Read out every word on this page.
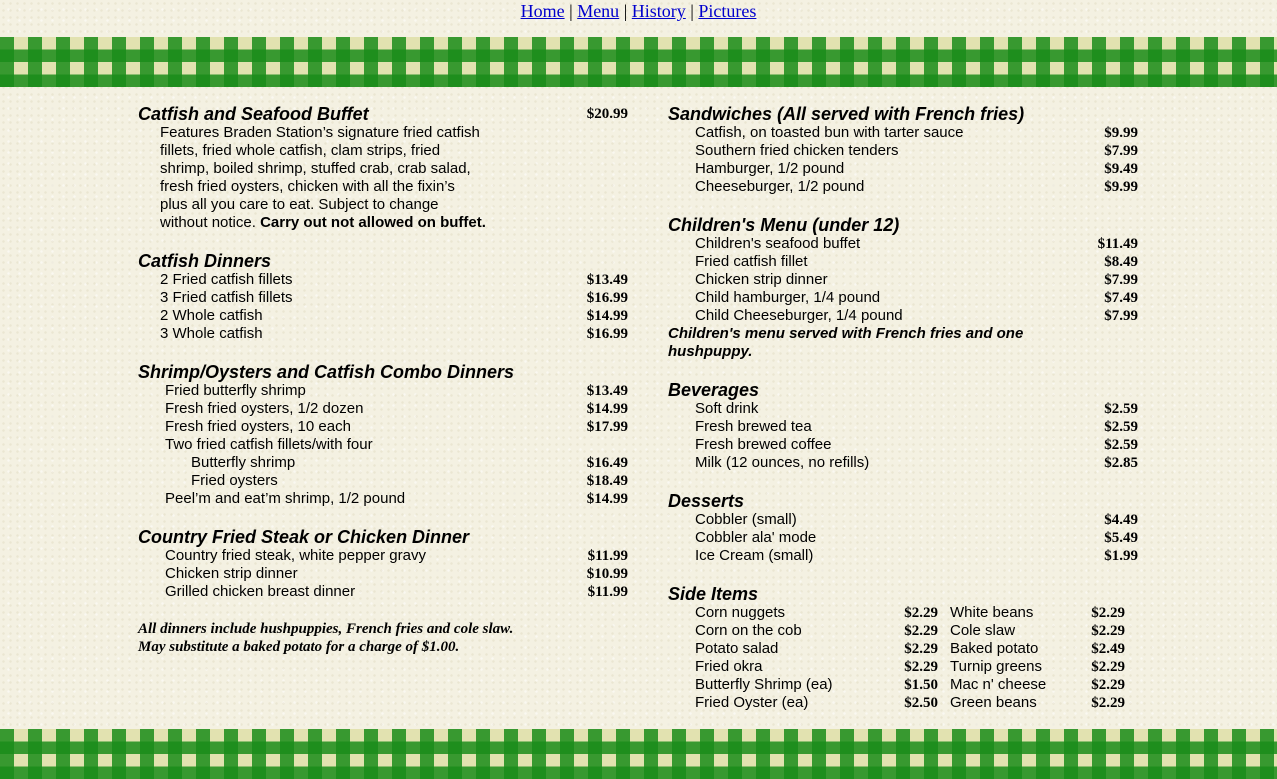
Home | Menu | History | Pictures
Catfish and Seafood Buffet	$20.99
Features Braden Station’s signature fried catfish
fillets, fried whole catfish, clam strips, fried
shrimp, boiled shrimp, stuffed crab, crab salad,
fresh fried oysters, chicken with all the fixin’s
plus all you care to eat. Subject to change
without notice. Carry out not allowed on buffet.
Catfish Dinners
2 Fried catfish fillets	$13.49
3 Fried catfish fillets	$16.99
2 Whole catfish	$14.99
3 Whole catfish	$16.99
Shrimp/Oysters and Catfish Combo Dinners
Fried butterfly shrimp	$13.49
Fresh fried oysters, 1/2 dozen	$14.99
Fresh fried oysters, 10 each	$17.99
Two fried catfish fillets/with four
Butterfly shrimp	$16.49
Fried oysters	$18.49
Peel’m and eat’m shrimp, 1/2 pound	$14.99
Country Fried Steak or Chicken Dinner
Country fried steak, white pepper gravy	$11.99
Chicken strip dinner	$10.99
Grilled chicken breast dinner	$11.99
All dinners include hushpuppies, French fries and cole slaw.
May substitute a baked potato for a charge of $1.00.
Sandwiches (All served with French fries)
Catfish, on toasted bun with tarter sauce	$9.99
Southern fried chicken tenders	$7.99
Hamburger, 1/2 pound	$9.49
Cheeseburger, 1/2 pound	$9.99
Children's Menu (under 12)
Children's seafood buffet	$11.49
Fried catfish fillet	$8.49
Chicken strip dinner	$7.99
Child hamburger, 1/4 pound	$7.49
Child Cheeseburger, 1/4 pound	$7.99
Children's menu served with French fries and one hushpuppy.
Beverages
Soft drink	$2.59
Fresh brewed tea	$2.59
Fresh brewed coffee	$2.59
Milk (12 ounces, no refills)	$2.85
Desserts
Cobbler (small)	$4.49
Cobbler ala' mode	$5.49
Ice Cream (small)	$1.99
Side Items
Corn nuggets	$2.29 White beans	$2.29
Corn on the cob	$2.29 Cole slaw	$2.29
Potato salad	$2.29 Baked potato	$2.49
Fried okra	$2.29 Turnip greens	$2.29
Butterfly Shrimp (ea)	$1.50 Mac n' cheese	$2.29
Fried Oyster (ea)	$2.50 Green beans	$2.29
